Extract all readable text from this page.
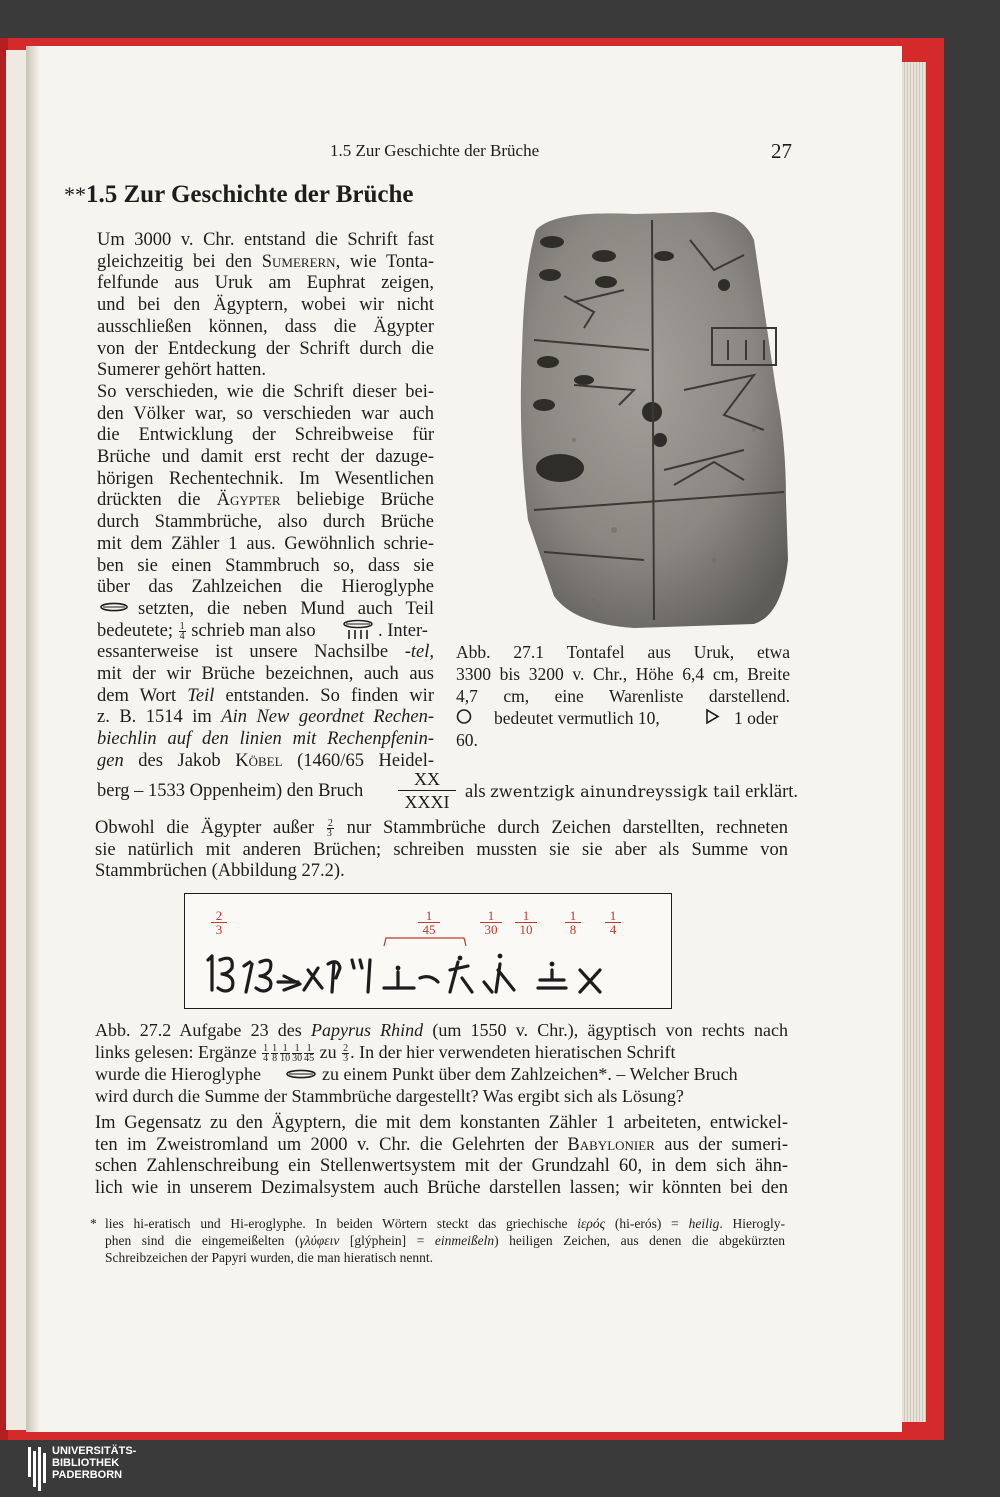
1.5 Zur Geschichte der Brüche	27
**1.5 Zur Geschichte der Brüche
Um 3000 v. Chr. entstand die Schrift fast
gleichzeitig bei den Sumerern, wie Tonta-
felfunde aus Uruk am Euphrat zeigen,
und bei den Ägyptern, wobei wir nicht
ausschließen können, dass die Ägypter
von der Entdeckung der Schrift durch die
Sumerer gehört hatten.
So verschieden, wie die Schrift dieser bei-
den Völker war, so verschieden war auch
die Entwicklung der Schreibweise für
Brüche und damit erst recht der dazuge-
hörigen Rechentechnik. Im Wesentlichen
drückten die Ägypter beliebige Brüche
durch Stammbrüche, also durch Brüche
mit dem Zähler 1 aus. Gewöhnlich schrie-
ben sie einen Stammbruch so, dass sie
über das Zahlzeichen die Hieroglyphe
setzten, die neben Mund auch Teil
bedeutete; $\frac{1}{4}$ schrieb man also	. Inter-
essanterweise ist unsere Nachsilbe -tel,
mit der wir Brüche bezeichnen, auch aus
dem Wort Teil entstanden. So finden wir
z. B. 1514 im Ain New geordnet Rechen-
biechlin auf den linien mit Rechenpfenin-
gen des Jakob Köbel (1460/65 Heidel-
berg – 1533 Oppenheim) den Bruch
XX
XXXI als zwentzigk ainundreyssigk tail erklärt.
Abb. 27.1 Tontafel aus Uruk, etwa
3300 bis 3200 v. Chr., Höhe 6,4 cm, Breite
4,7 cm, eine Warenliste darstellend.
bedeutet vermutlich 10,	1 oder
60.
Obwohl die Ägypter außer $\frac{2}{3}$ nur Stammbrüche durch Zeichen darstellten, rechneten
sie natürlich mit anderen Brüchen; schreiben mussten sie sie aber als Summe von
Stammbrüchen (Abbildung 27.2).
2
3
1
45
1
30
1
10
1
8
1
4
Abb. 27.2 Aufgabe 23 des Papyrus Rhind (um 1550 v. Chr.), ägyptisch von rechts nach
links gelesen: Ergänze $\frac{1}{4} \frac{1}{8} \frac{1}{10} \frac{1}{30} \frac{1}{45}$ zu $\frac{2}{3}$ . In der hier verwendeten hieratischen Schrift
wurde die Hieroglyphe	zu einem Punkt über dem Zahlzeichen*. – Welcher Bruch
wird durch die Summe der Stammbrüche dargestellt? Was ergibt sich als Lösung?
Im Gegensatz zu den Ägyptern, die mit dem konstanten Zähler 1 arbeiteten, entwickel-
ten im Zweistromland um 2000 v. Chr. die Gelehrten der Babylonier aus der sumeri-
schen Zahlenschreibung ein Stellenwertsystem mit der Grundzahl 60, in dem sich ähn-
lich wie in unserem Dezimalsystem auch Brüche darstellen lassen; wir könnten bei den
* lies hi-eratisch und Hi-eroglyphe. In beiden Wörtern steckt das griechische ἱερός (hi-erós) = heilig. Hierogly-
phen sind die eingemeißelten (γλύφειν [glýphein] = einmeißeln) heiligen Zeichen, aus denen die abgekürzten
Schreibzeichen der Papyri wurden, die man hieratisch nennt.
UNIVERSITÄTS-
BIBLIOTHEK
PADERBORN
